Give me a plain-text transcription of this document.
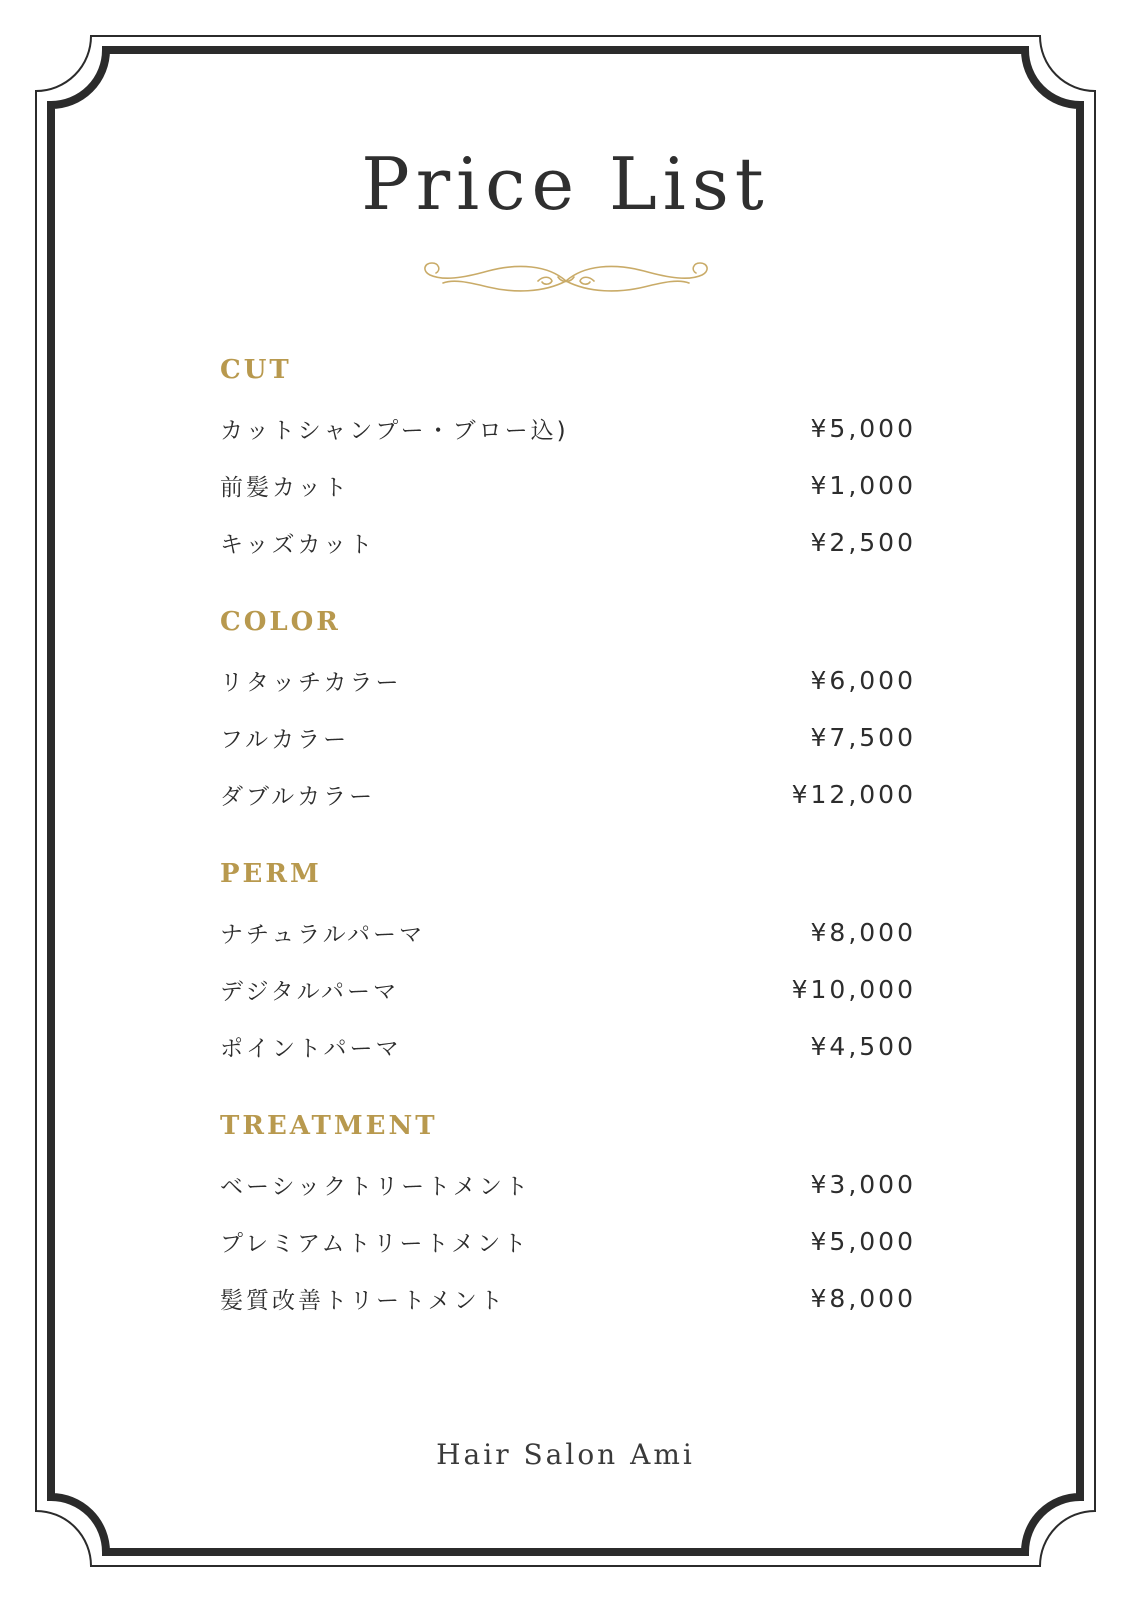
Price List
CUT
カットシャンプー・ブロー込)	¥5,000
前髪カット	¥1,000
キッズカット	¥2,500
COLOR
リタッチカラー	¥6,000
フルカラー	¥7,500
ダブルカラー	¥12,000
PERM
ナチュラルパーマ	¥8,000
デジタルパーマ	¥10,000
ポイントパーマ	¥4,500
TREATMENT
ベーシックトリートメント	¥3,000
プレミアムトリートメント	¥5,000
髪質改善トリートメント	¥8,000
Hair Salon Ami
